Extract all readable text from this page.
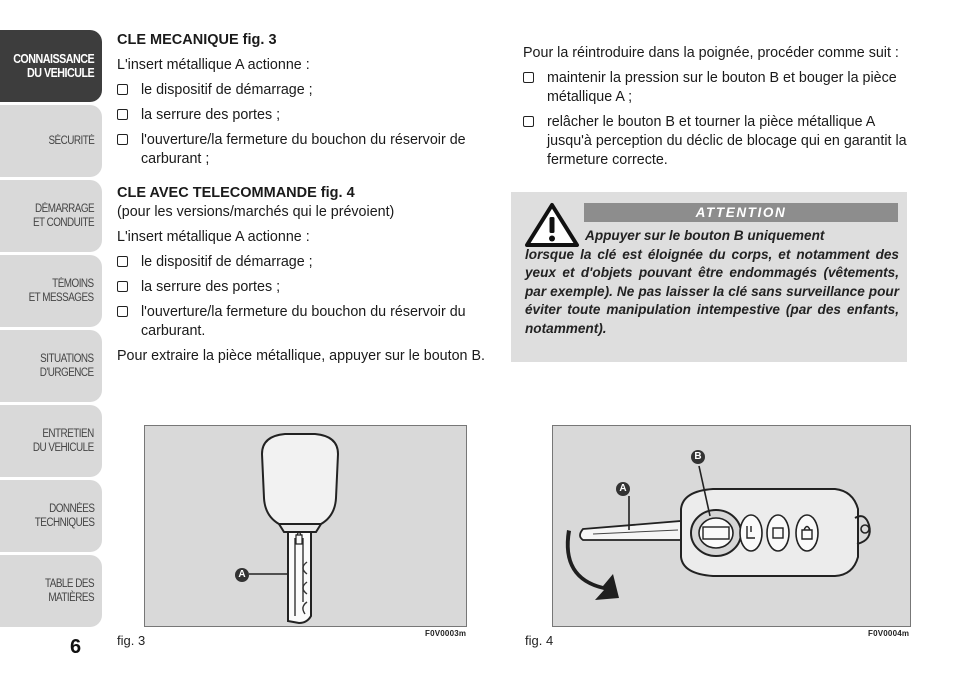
CONNAISSANCE
DU VEHICULE
SÉCURITÉ
DÉMARRAGE
ET CONDUITE
TÉMOINS
ET MESSAGES
SITUATIONS
D'URGENCE
ENTRETIEN
DU VEHICULE
DONNÉES
TECHNIQUES
TABLE DES
MATIÈRES
6
CLE MECANIQUE fig. 3

L'insert métallique A actionne :

le dispositif de démarrage ;
la serrure des portes ;
l'ouverture/la fermeture du bouchon du réservoir de carburant ;
CLE AVEC TELECOMMANDE fig. 4

(pour les versions/marchés qui le prévoient)

L'insert métallique A actionne :

le dispositif de démarrage ;
la serrure des portes ;
l'ouverture/la fermeture du bouchon du réservoir du carburant.

Pour extraire la pièce métallique, appuyer sur le bouton B.

Pour la réintroduire dans la poignée, procéder comme suit :

maintenir la pression sur le bouton B et bouger la pièce métallique A ;
relâcher le bouton B et tourner la pièce métallique A jusqu'à perception du déclic de blocage qui en garantit la fermeture correcte.
ATTENTION
Appuyer sur le bouton B uniquement
lorsque la clé est éloignée du corps, et notamment des yeux et d'objets pouvant être endommagés (vêtements, par exemple). Ne pas laisser la clé sans surveillance pour éviter toute manipulation intempestive (par des enfants, notamment).
A
fig. 3	F0V0003m
A
B
fig. 4	F0V0004m
